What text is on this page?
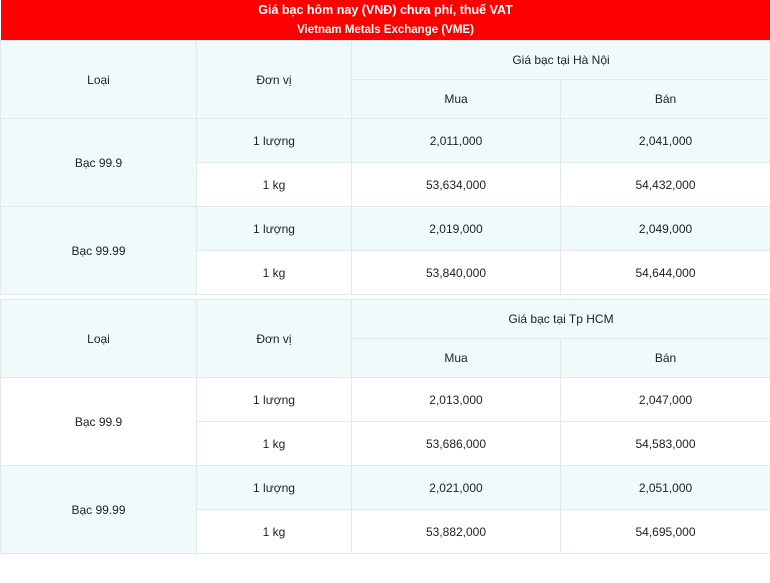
Giá bạc hôm nay (VNĐ) chưa phí, thuế VAT
Vietnam Metals Exchange (VME)			

Loại	Đơn vị	Giá bạc tại Hà Nội	
		Mua	Bán
Bạc 99.9	1 lượng	2,011,000	2,041,000
	1 kg	53,634,000	54,432,000
Bạc 99.99	1 lượng	2,019,000	2,049,000
	1 kg	53,840,000	54,644,000

Loại	Đơn vị	Giá bạc tại Tp HCM	
		Mua	Bán
Bạc 99.9	1 lượng	2,013,000	2,047,000
	1 kg	53,686,000	54,583,000
Bạc 99.99	1 lượng	2,021,000	2,051,000
	1 kg	53,882,000	54,695,000
